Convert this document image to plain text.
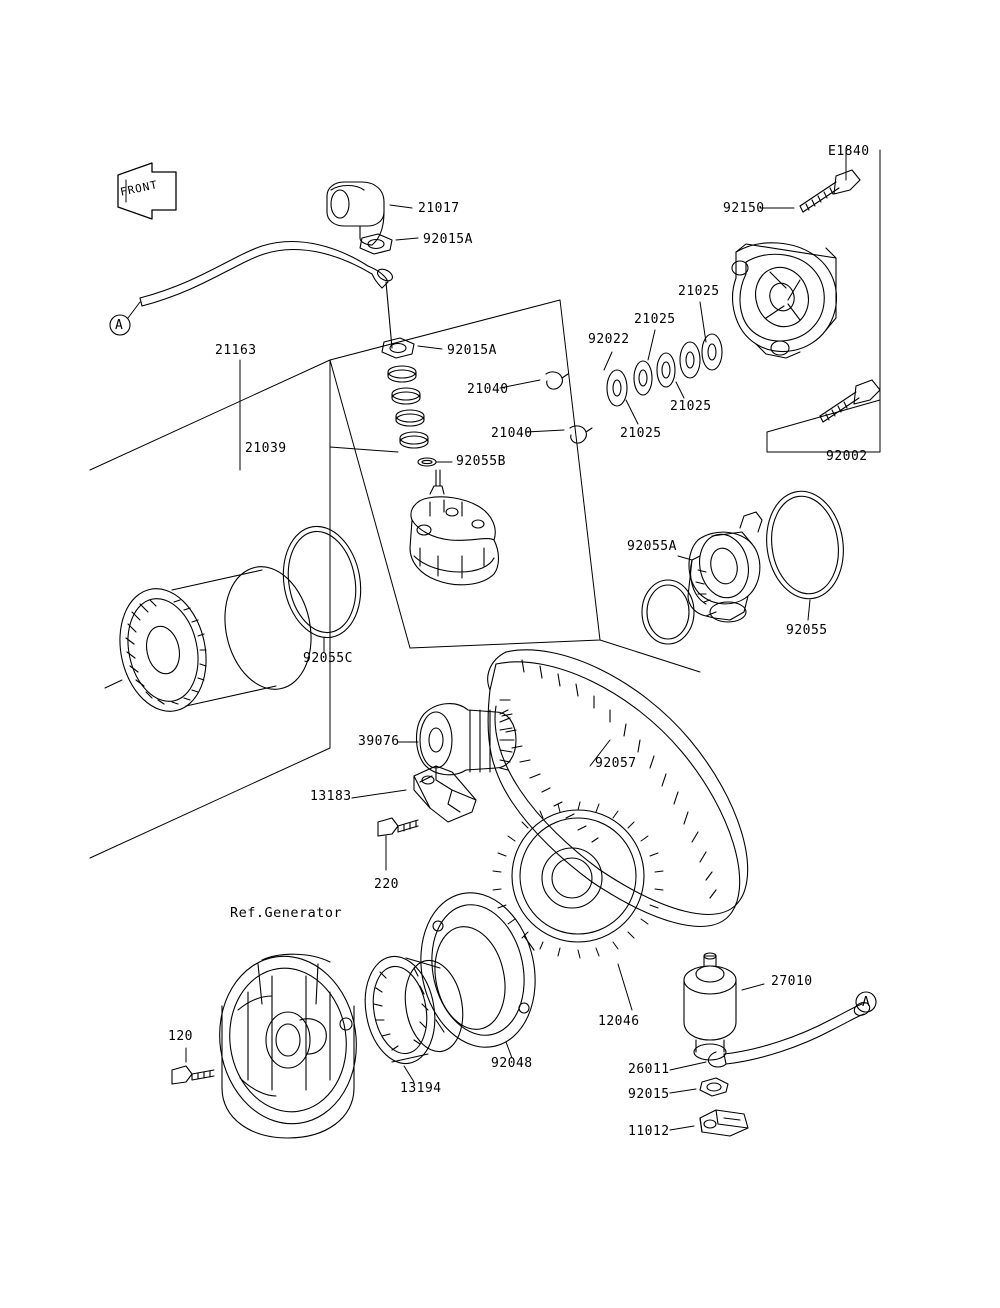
21017
92015A
E1840
92150
21025
21025
92022
21025
21025
92015A
21040
21040
92055B
21163
21039
92002
92055
92055A
92055C
39076
92057
13183
220
12046
27010
26011
92015
11012
92048
13194
120
A
A
Ref.Generator
FRONT
